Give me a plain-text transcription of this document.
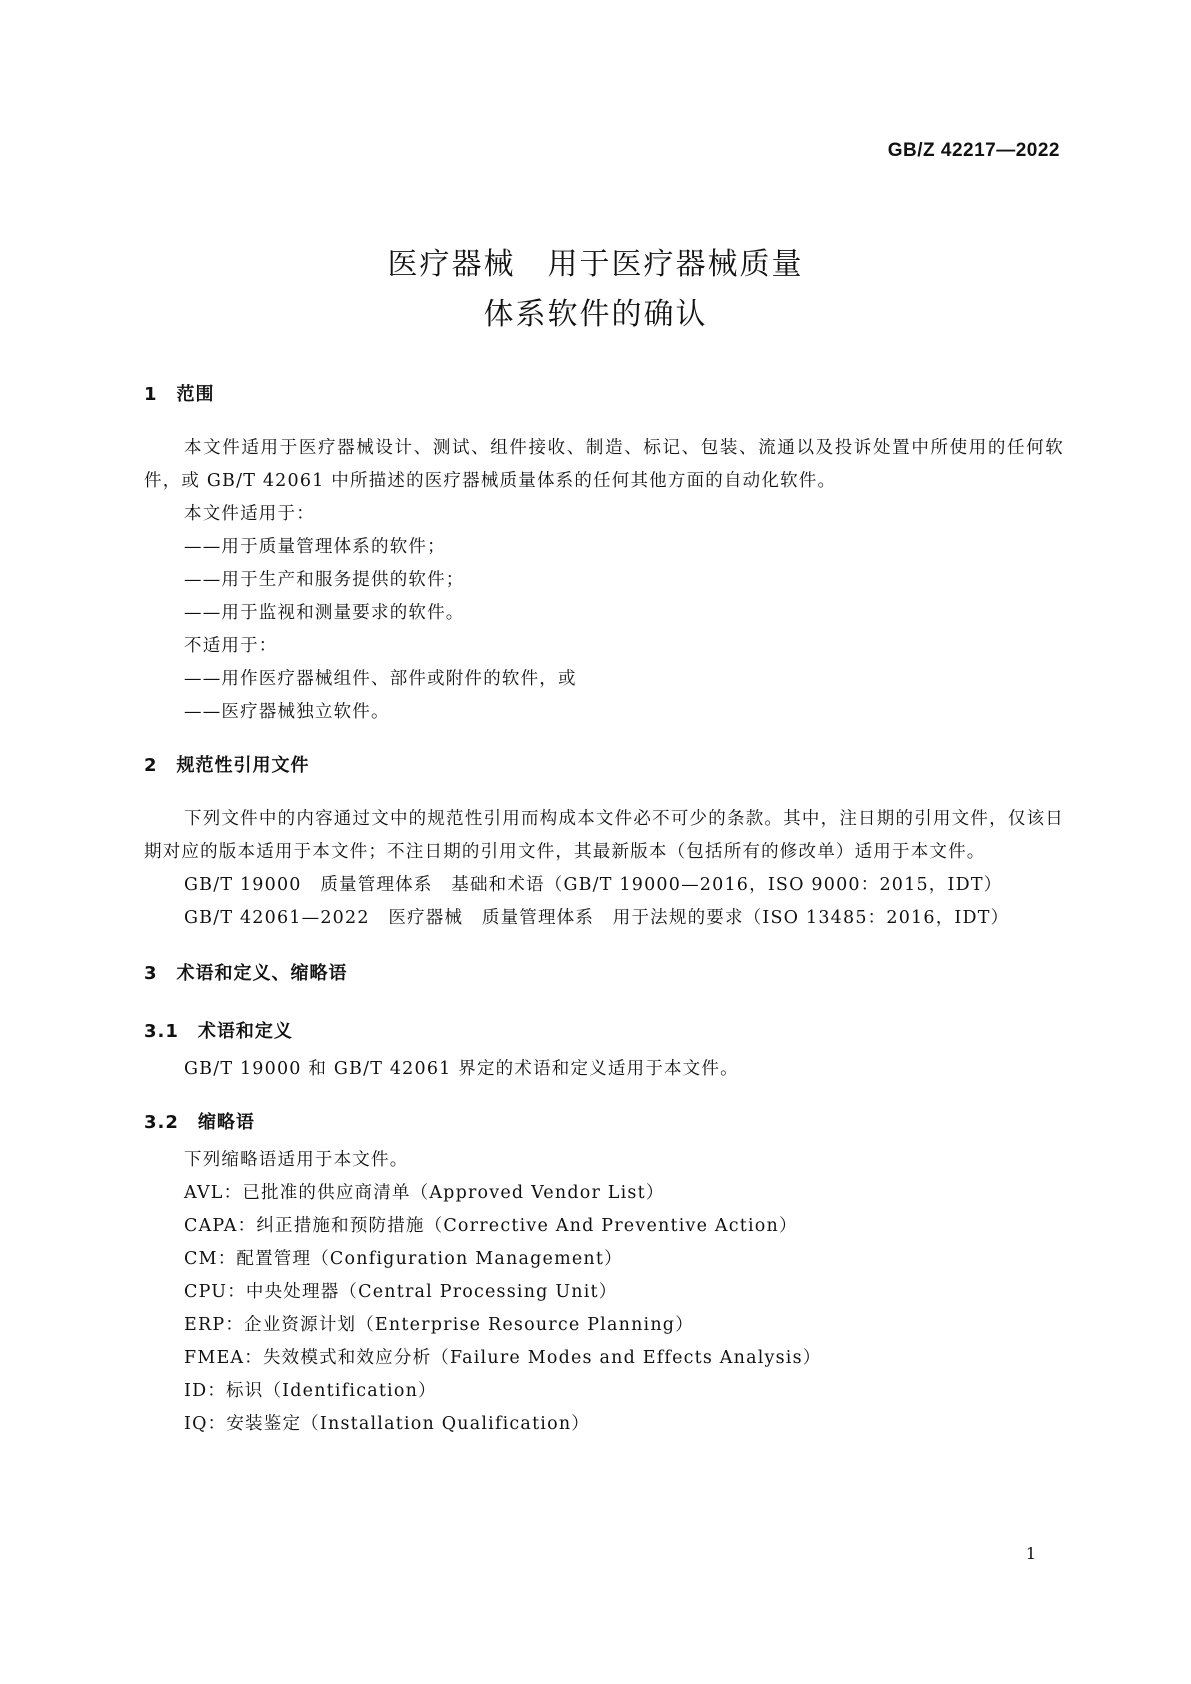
GB/Z 42217—2022
医疗器械　用于医疗器械质量
体系软件的确认
1　范围
本文件适用于医疗器械设计、测试、组件接收、制造、标记、包装、流通以及投诉处置中所使用的任何软件，或 GB/T 42061 中所描述的医疗器械质量体系的任何其他方面的自动化软件。
本文件适用于：
——用于质量管理体系的软件；
——用于生产和服务提供的软件；
——用于监视和测量要求的软件。
不适用于：
——用作医疗器械组件、部件或附件的软件，或
——医疗器械独立软件。
2　规范性引用文件
下列文件中的内容通过文中的规范性引用而构成本文件必不可少的条款。其中，注日期的引用文件，仅该日期对应的版本适用于本文件；不注日期的引用文件，其最新版本（包括所有的修改单）适用于本文件。
GB/T 19000　质量管理体系　基础和术语（GB/T 19000—2016，ISO 9000：2015，IDT）
GB/T 42061—2022　医疗器械　质量管理体系　用于法规的要求（ISO 13485：2016，IDT）
3　术语和定义、缩略语
3.1　术语和定义
GB/T 19000 和 GB/T 42061 界定的术语和定义适用于本文件。
3.2　缩略语
下列缩略语适用于本文件。
AVL：已批准的供应商清单（Approved Vendor List）
CAPA：纠正措施和预防措施（Corrective And Preventive Action）
CM：配置管理（Configuration Management）
CPU：中央处理器（Central Processing Unit）
ERP：企业资源计划（Enterprise Resource Planning）
FMEA：失效模式和效应分析（Failure Modes and Effects Analysis）
ID：标识（Identification）
IQ：安装鉴定（Installation Qualification）
1
